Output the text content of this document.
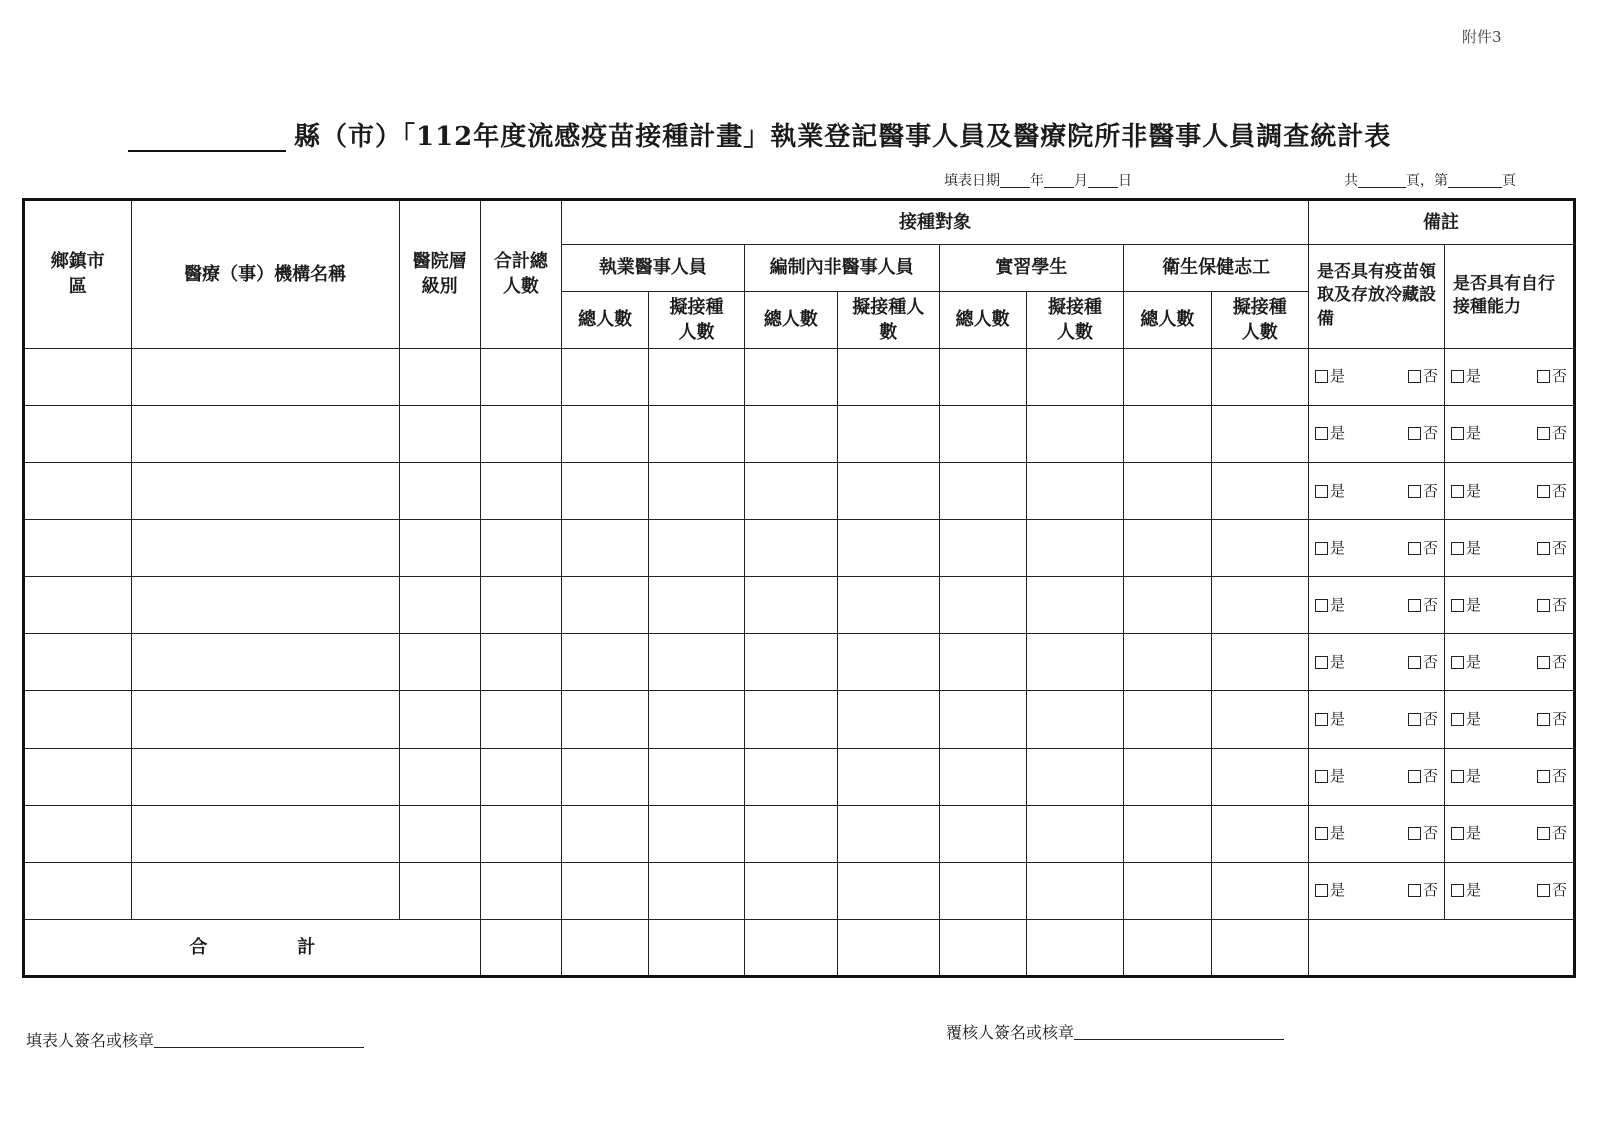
附件3
縣（市）「112年度流感疫苗接種計畫」執業登記醫事人員及醫療院所非醫事人員調查統計表
填表日期 年 月 日	共	頁，第	頁
鄉鎮市區	醫療（事）機構名稱	醫院層級別	合計總人數	接種對象								備註	
				執業醫事人員		編制內非醫事人員		實習學生		衛生保健志工		是否具有疫苗領取及存放冷藏設備	是否具有自行接種能力
				總人數	擬接種人數	總人數	擬接種人數	總人數	擬接種人數	總人數	擬接種人數		

												是 否	是 否

												是 否	是 否

												是 否	是 否

												是 否	是 否

												是 否	是 否

												是 否	是 否

												是 否	是 否

												是 否	是 否

												是 否	是 否

												是 否	是 否

合　計													
填表人簽名或核章	覆核人簽名或核章
